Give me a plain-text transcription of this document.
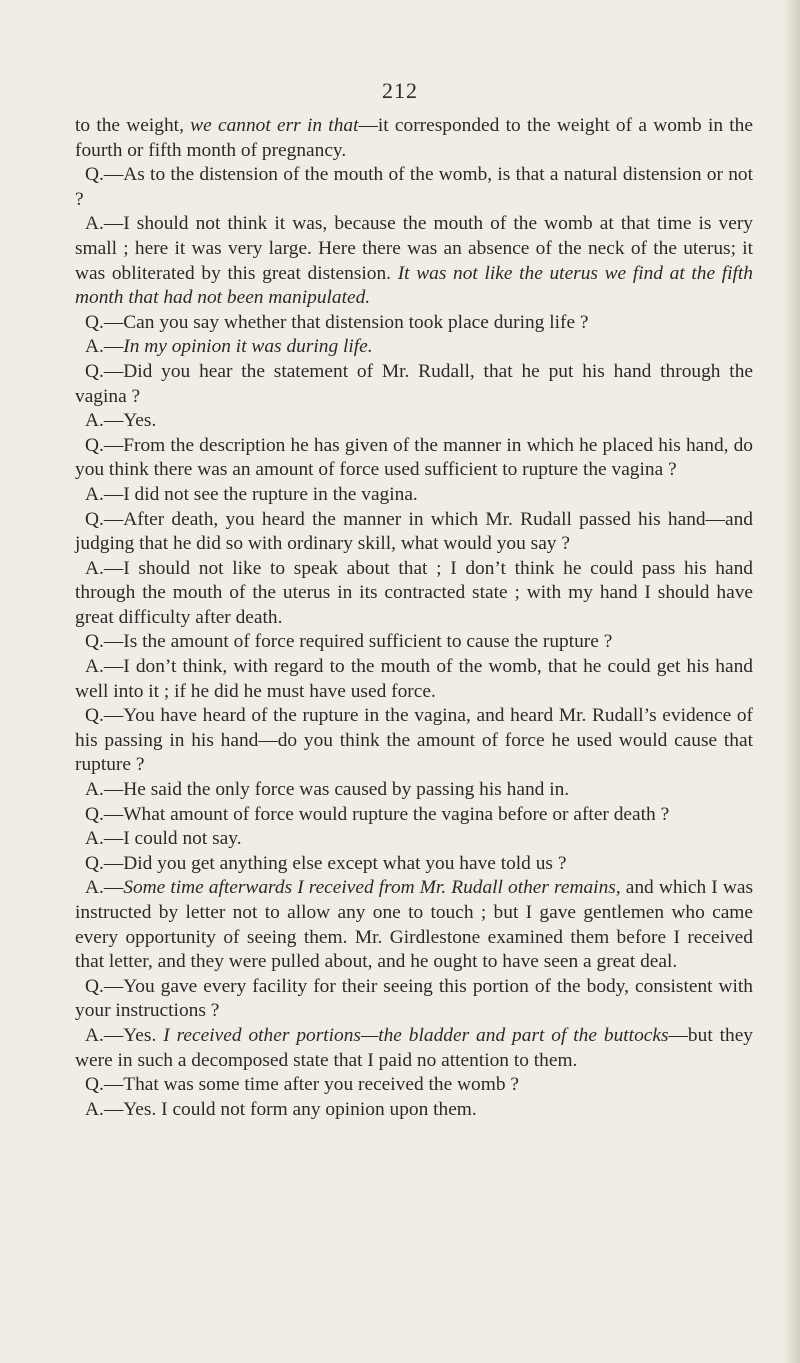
212

to the weight, we cannot err in that—it corresponded to the weight of a womb in the fourth or fifth month of pregnancy.

Q.—As to the distension of the mouth of the womb, is that a natural distension or not ?

A.—I should not think it was, because the mouth of the womb at that time is very small ; here it was very large. Here there was an absence of the neck of the uterus; it was obliterated by this great distension. It was not like the uterus we find at the fifth month that had not been manipulated.

Q.—Can you say whether that distension took place during life ?

A.—In my opinion it was during life.

Q.—Did you hear the statement of Mr. Rudall, that he put his hand through the vagina ?

A.—Yes.

Q.—From the description he has given of the manner in which he placed his hand, do you think there was an amount of force used sufficient to rupture the vagina ?

A.—I did not see the rupture in the vagina.

Q.—After death, you heard the manner in which Mr. Rudall passed his hand—and judging that he did so with ordinary skill, what would you say ?

A.—I should not like to speak about that ; I don’t think he could pass his hand through the mouth of the uterus in its contracted state ; with my hand I should have great difficulty after death.

Q.—Is the amount of force required sufficient to cause the rupture ?

A.—I don’t think, with regard to the mouth of the womb, that he could get his hand well into it ; if he did he must have used force.

Q.—You have heard of the rupture in the vagina, and heard Mr. Rudall’s evidence of his passing in his hand—do you think the amount of force he used would cause that rupture ?

A.—He said the only force was caused by passing his hand in.

Q.—What amount of force would rupture the vagina before or after death ?

A.—I could not say.

Q.—Did you get anything else except what you have told us ?

A.—Some time afterwards I received from Mr. Rudall other remains, and which I was instructed by letter not to allow any one to touch ; but I gave gentlemen who came every opportunity of seeing them. Mr. Girdlestone examined them before I received that letter, and they were pulled about, and he ought to have seen a great deal.

Q.—You gave every facility for their seeing this portion of the body, consistent with your instructions ?

A.—Yes. I received other portions—the bladder and part of the buttocks—but they were in such a decomposed state that I paid no attention to them.

Q.—That was some time after you received the womb ?

A.—Yes. I could not form any opinion upon them.
